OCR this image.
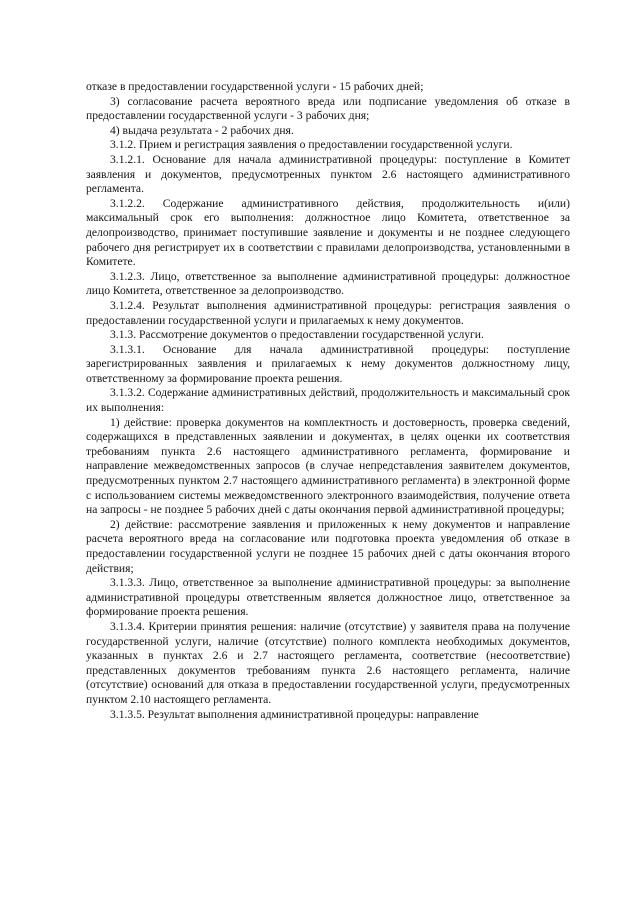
отказе в предоставлении государственной услуги - 15 рабочих дней;

3) согласование расчета вероятного вреда или подписание уведомления об отказе в предоставлении государственной услуги - 3 рабочих дня;

4) выдача результата - 2 рабочих дня.

3.1.2. Прием и регистрация заявления о предоставлении государственной услуги.

3.1.2.1. Основание для начала административной процедуры: поступление в Комитет заявления и документов, предусмотренных пунктом 2.6 настоящего административного регламента.

3.1.2.2. Содержание административного действия, продолжительность и(или) максимальный срок его выполнения: должностное лицо Комитета, ответственное за делопроизводство, принимает поступившие заявление и документы и не позднее следующего рабочего дня регистрирует их в соответствии с правилами делопроизводства, установленными в Комитете.

3.1.2.3. Лицо, ответственное за выполнение административной процедуры: должностное лицо Комитета, ответственное за делопроизводство.

3.1.2.4. Результат выполнения административной процедуры: регистрация заявления о предоставлении государственной услуги и прилагаемых к нему документов.

3.1.3. Рассмотрение документов о предоставлении государственной услуги.

3.1.3.1. Основание для начала административной процедуры: поступление зарегистрированных заявления и прилагаемых к нему документов должностному лицу, ответственному за формирование проекта решения.

3.1.3.2. Содержание административных действий, продолжительность и максимальный срок их выполнения:

1) действие: проверка документов на комплектность и достоверность, проверка сведений, содержащихся в представленных заявлении и документах, в целях оценки их соответствия требованиям пункта 2.6 настоящего административного регламента, формирование и направление межведомственных запросов (в случае непредставления заявителем документов, предусмотренных пунктом 2.7 настоящего административного регламента) в электронной форме с использованием системы межведомственного электронного взаимодействия, получение ответа на запросы - не позднее 5 рабочих дней с даты окончания первой административной процедуры;

2) действие: рассмотрение заявления и приложенных к нему документов и направление расчета вероятного вреда на согласование или подготовка проекта уведомления об отказе в предоставлении государственной услуги не позднее 15 рабочих дней с даты окончания второго действия;

3.1.3.3. Лицо, ответственное за выполнение административной процедуры: за выполнение административной процедуры ответственным является должностное лицо, ответственное за формирование проекта решения.

3.1.3.4. Критерии принятия решения: наличие (отсутствие) у заявителя права на получение государственной услуги, наличие (отсутствие) полного комплекта необходимых документов, указанных в пунктах 2.6 и 2.7 настоящего регламента, соответствие (несоответствие) представленных документов требованиям пункта 2.6 настоящего регламента, наличие (отсутствие) оснований для отказа в предоставлении государственной услуги, предусмотренных пунктом 2.10 настоящего регламента.

3.1.3.5. Результат выполнения административной процедуры: направление
